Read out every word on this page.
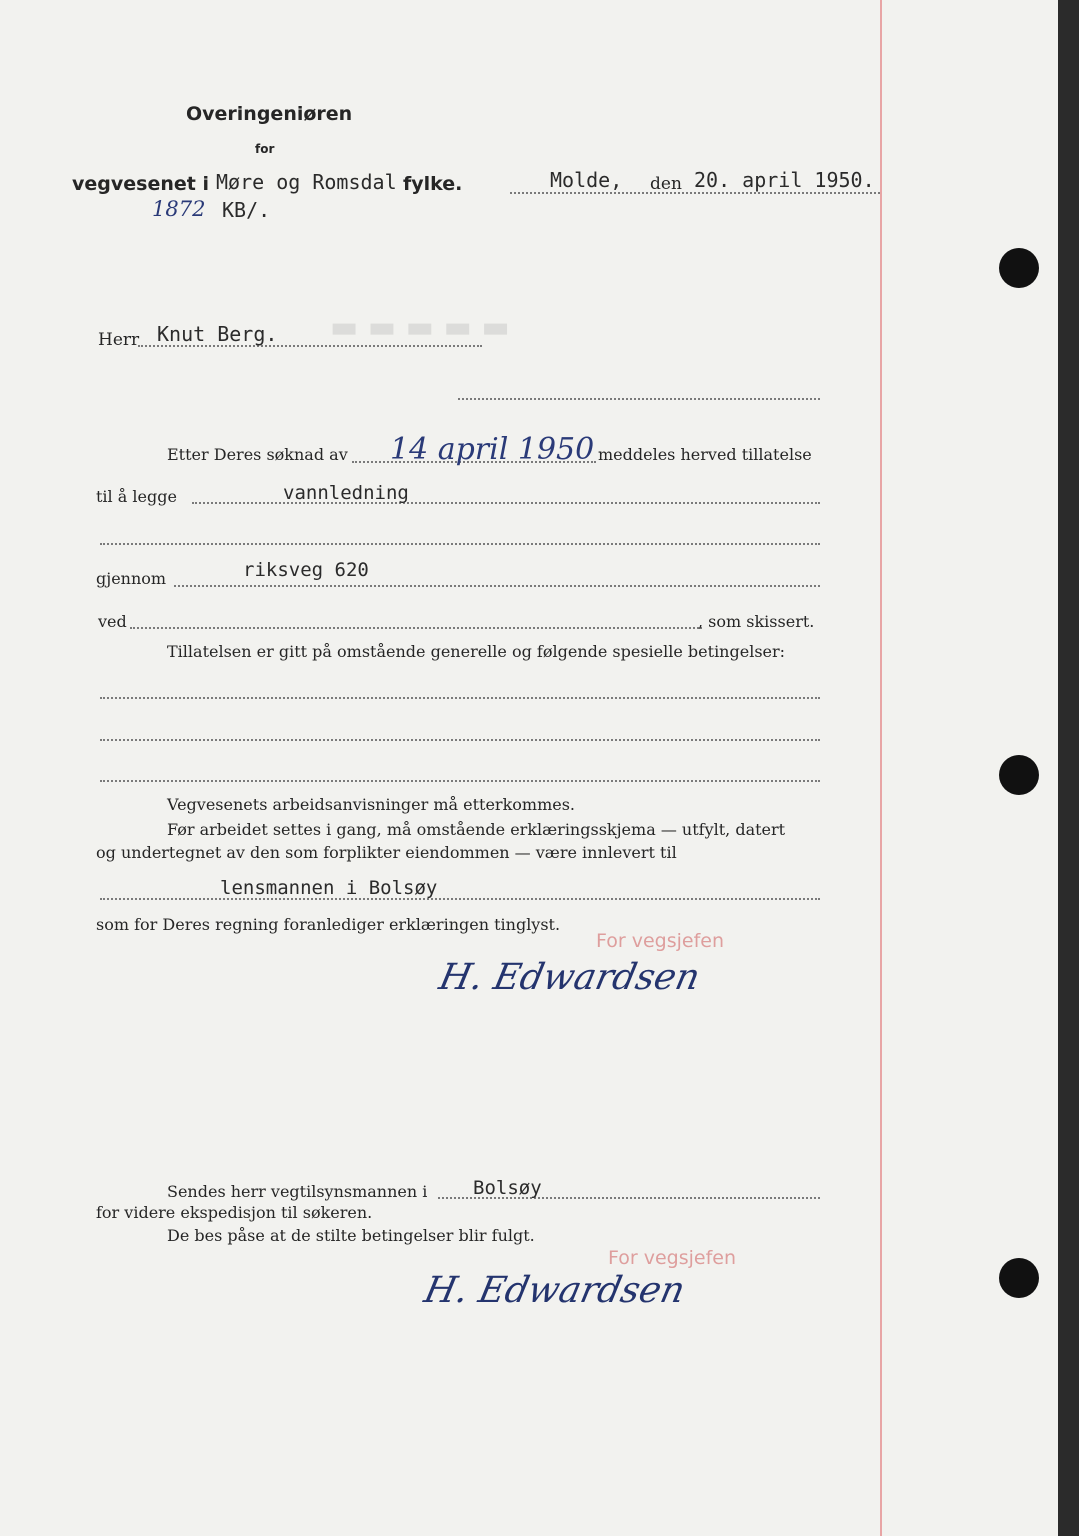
▬ ▬ ▬ ▬ ▬
Overingeniøren
for
vegvesenet i Møre og Romsdal fylke.	Molde, den 20. april 1950.
1872 KB/.
Herr Knut Berg.
Etter Deres søknad av 14 april 1950 meddeles herved tillatelse
til å legge	vannledning
gjennom	riksveg 620
ved	, som skissert.
Tillatelsen er gitt på omstående generelle og følgende spesielle betingelser:
Vegvesenets arbeidsanvisninger må etterkommes.
Før arbeidet settes i gang, må omstående erklæringsskjema — utfylt, datert
og undertegnet av den som forplikter eiendommen — være innlevert til
lensmannen i Bolsøy
som for Deres regning foranlediger erklæringen tinglyst.
For vegsjefen
H. Edwardsen
Sendes herr vegtilsynsmannen i Bolsøy
for videre ekspedisjon til søkeren.
De bes påse at de stilte betingelser blir fulgt.
For vegsjefen
H. Edwardsen
